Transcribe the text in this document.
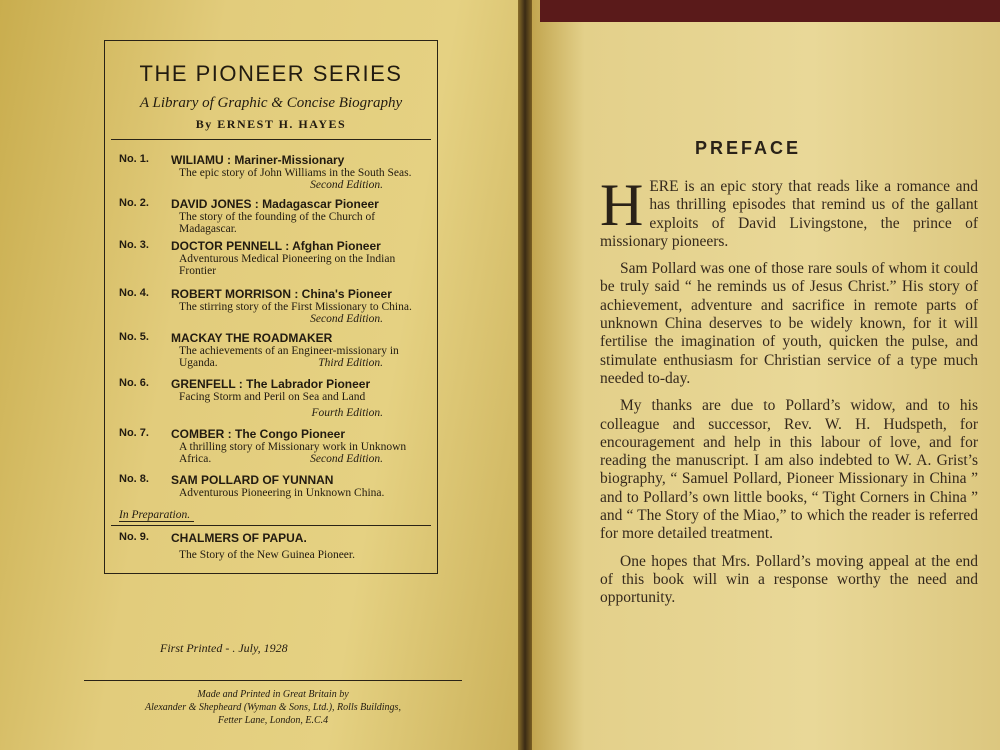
THE PIONEER SERIES
A Library of Graphic & Concise Biography
By ERNEST H. HAYES
No. 1. WILIAMU : Mariner-Missionary
The epic story of John Williams in the South Seas.
Second Edition.
No. 2. DAVID JONES : Madagascar Pioneer
The story of the founding of the Church of Madagascar.
No. 3. DOCTOR PENNELL : Afghan Pioneer
Adventurous Medical Pioneering on the Indian Frontier
No. 4. ROBERT MORRISON : China's Pioneer
The stirring story of the First Missionary to China.
Second Edition.
No. 5. MACKAY THE ROADMAKER
The achievements of an Engineer-missionary in Uganda.	Third Edition.
No. 6. GRENFELL : The Labrador Pioneer
Facing Storm and Peril on Sea and Land
Fourth Edition.
No. 7. COMBER : The Congo Pioneer
A thrilling story of Missionary work in Unknown Africa.	Second Edition.
No. 8. SAM POLLARD OF YUNNAN
Adventurous Pioneering in Unknown China.
In Preparation.
No. 9. CHALMERS OF PAPUA.
The Story of the New Guinea Pioneer.
First Printed - . July, 1928
Made and Printed in Great Britain by
Alexander & Shepheard (Wyman & Sons, Ltd.), Rolls Buildings,
Fetter Lane, London, E.C.4
PREFACE

HERE is an epic story that reads like a romance and has thrilling episodes that remind us of the gallant exploits of David Livingstone, the prince of missionary pioneers.

Sam Pollard was one of those rare souls of whom it could be truly said “ he reminds us of Jesus Christ.” His story of achievement, adventure and sacrifice in remote parts of unknown China deserves to be widely known, for it will fertilise the imagination of youth, quicken the pulse, and stimulate enthusiasm for Christian service of a type much needed to-day.

My thanks are due to Pollard’s widow, and to his colleague and successor, Rev. W. H. Hudspeth, for encouragement and help in this labour of love, and for reading the manuscript. I am also indebted to W. A. Grist’s biography, “ Samuel Pollard, Pioneer Missionary in China ” and to Pollard’s own little books, “ Tight Corners in China ” and “ The Story of the Miao,” to which the reader is referred for more detailed treatment.

One hopes that Mrs. Pollard’s moving appeal at the end of this book will win a response worthy the need and opportunity.
